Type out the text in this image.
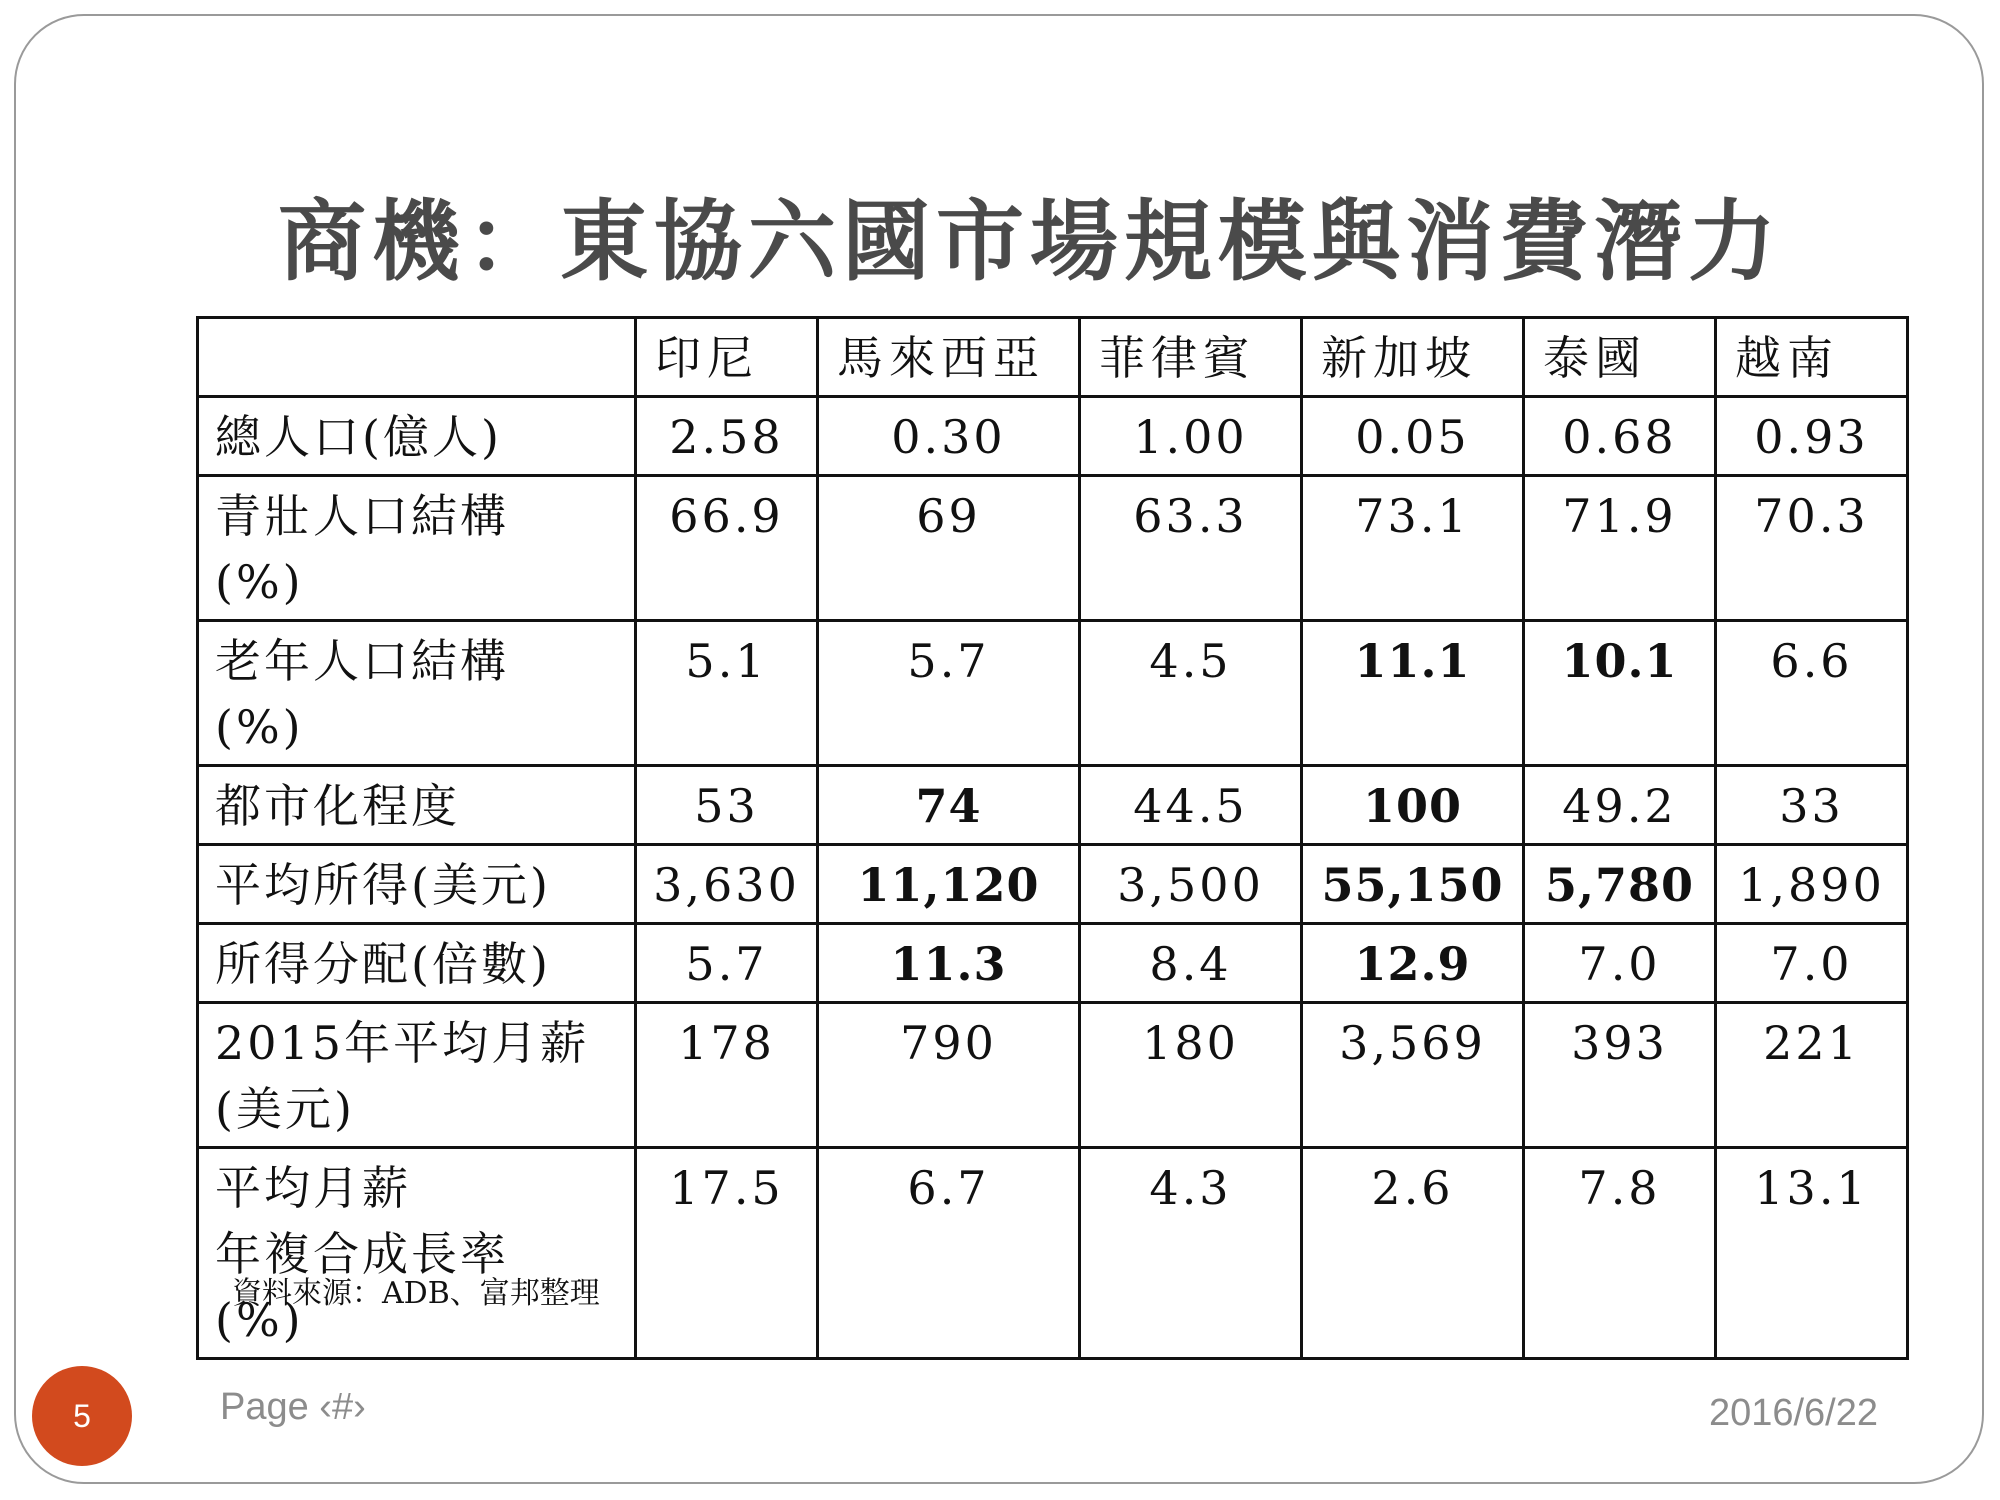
商機：東協六國市場規模與消費潛力
	印尼	馬來西亞	菲律賓	新加坡	泰國	越南
總人口(億人)	2.58	0.30	1.00	0.05	0.68	0.93
青壯人口結構
(%)	66.9	69	63.3	73.1	71.9	70.3
老年人口結構
(%)	5.1	5.7	4.5	11.1	10.1	6.6
都市化程度	53	74	44.5	100	49.2	33
平均所得(美元)	3,630	11,120	3,500	55,150	5,780	1,890
所得分配(倍數)	5.7	11.3	8.4	12.9	7.0	7.0
2015年平均月薪
(美元)	178	790	180	3,569	393	221
平均月薪
年複合成長率
(%)	17.5	6.7	4.3	2.6	7.8	13.1
資料來源：ADB、富邦整理
5	Page ‹#›	2016/6/22
